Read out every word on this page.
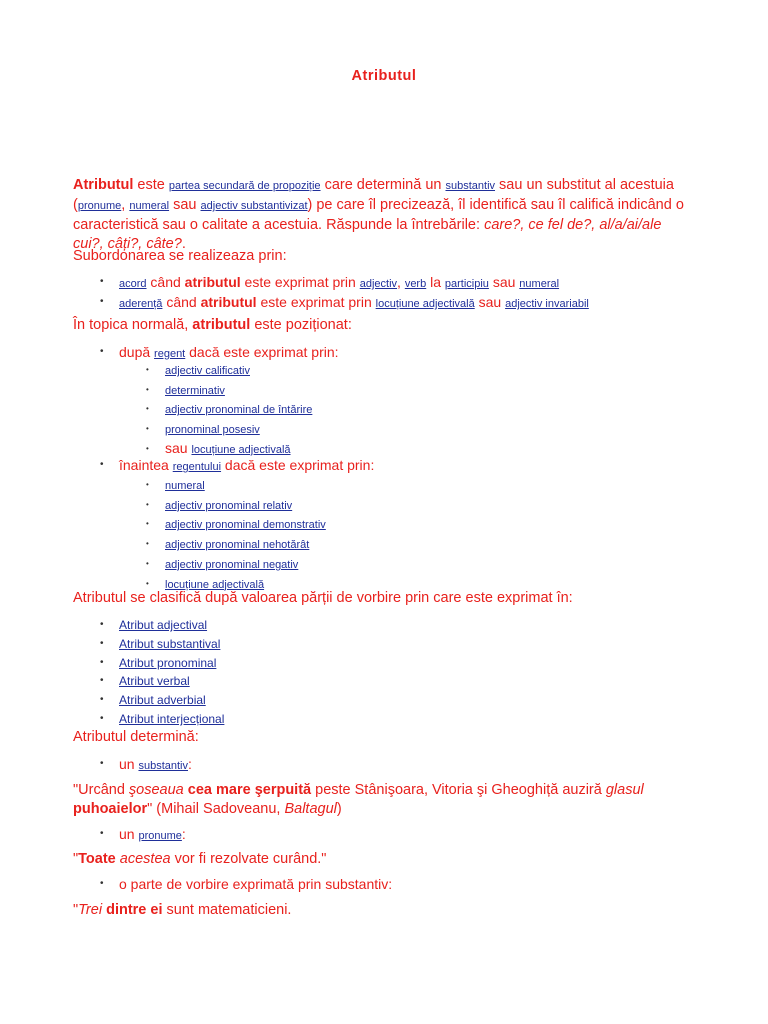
Atributul
Atributul este partea secundară de propoziție care determină un substantiv sau un substitut al acestuia (pronume, numeral sau adjectiv substantivizat) pe care îl precizează, îl identifică sau îl califică indicând o caracteristică sau o calitate a acestuia. Răspunde la întrebările: care?, ce fel de?, al/a/ai/ale cui?, câți?, câte?.
Subordonarea se realizeaza prin:
• acord când atributul este exprimat prin adjectiv, verb la participiu sau numeral
• aderență când atributul este exprimat prin locuțiune adjectivală sau adjectiv invariabil
În topica normală, atributul este poziționat:
• după regent dacă este exprimat prin:
• adjectiv calificativ
• determinativ
• adjectiv pronominal de întărire
• pronominal posesiv
• sau locuțiune adjectivală
• înaintea regentului dacă este exprimat prin:
• numeral
• adjectiv pronominal relativ
• adjectiv pronominal demonstrativ
• adjectiv pronominal nehotărât
• adjectiv pronominal negativ
• locuțiune adjectivală
Atributul se clasifică după valoarea părții de vorbire prin care este exprimat în:
• Atribut adjectival
• Atribut substantival
• Atribut pronominal
• Atribut verbal
• Atribut adverbial
• Atribut interjecțional
Atributul determină:
• un substantiv:
"Urcând şoseaua cea mare şerpuită peste Stânişoara, Vitoria şi Gheoghiță auziră glasul puhoaielor" (Mihail Sadoveanu, Baltagul)
• un pronume:
"Toate acestea vor fi rezolvate curând."
• o parte de vorbire exprimată prin substantiv:
"Trei dintre ei sunt matematicieni.
